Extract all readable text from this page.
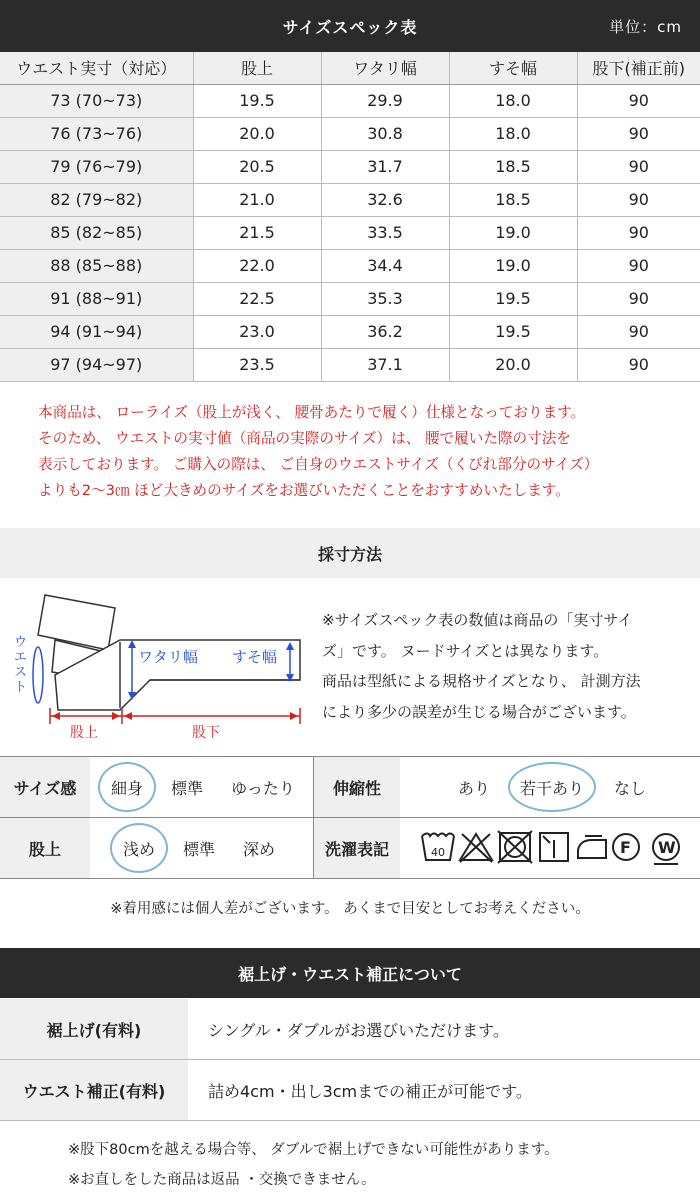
サイズスペック表	単位：cm
ウエスト実寸（対応）	股上	ワタリ幅	すそ幅	股下(補正前)
73 (70~73)	19.5	29.9	18.0	90
76 (73~76)	20.0	30.8	18.0	90
79 (76~79)	20.5	31.7	18.5	90
82 (79~82)	21.0	32.6	18.5	90
85 (82~85)	21.5	33.5	19.0	90
88 (85~88)	22.0	34.4	19.0	90
91 (88~91)	22.5	35.3	19.5	90
94 (91~94)	23.0	36.2	19.5	90
97 (94~97)	23.5	37.1	20.0	90
本商品は、 ローライズ（股上が浅く、 腰骨あたりで履く）仕様となっております。
そのため、 ウエストの実寸値（商品の実際のサイズ）は、 腰で履いた際の寸法を
表示しております。 ご購入の際は、 ご自身のウエストサイズ（くびれ部分のサイズ）
よりも2～3㎝ ほど大きめのサイズをお選びいただくことをおすすめいたします。
採寸方法
ウエスト
ワタリ幅 すそ幅
股上	股下
※サイズスペック表の数値は商品の「実寸サイ
ズ」です。 ヌードサイズとは異なります。
商品は型紙による規格サイズとなり、 計測方法
により多少の誤差が生じる場合がございます。
サイズ感	細身	標準	ゆったり	伸縮性	あり	若干あり	なし
股上	浅め	標準	深め	洗濯表記	40	F W
※着用感には個人差がございます。 あくまで目安としてお考えください。
裾上げ・ウエスト補正について
裾上げ(有料)	シングル・ダブルがお選びいただけます。
ウエスト補正(有料)	詰め4cm・出し3cmまでの補正が可能です。
※股下80cmを越える場合等、 ダブルで裾上げできない可能性があります。
※お直しをした商品は返品 ・交換できません。
